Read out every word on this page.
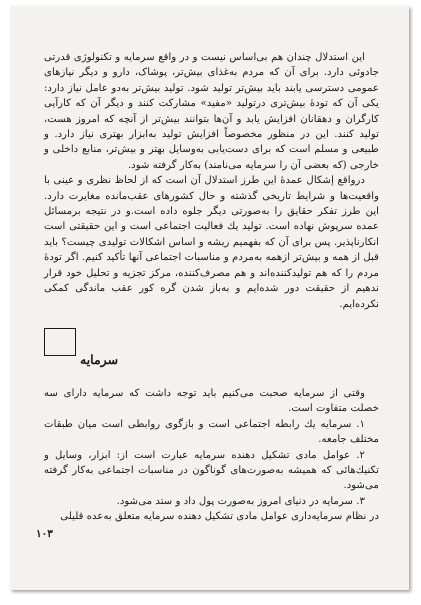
این استدلال چندان هم بی‌اساس نیست و در واقع سرمایه و تکنولوژی قدرتی جادوئی دارد. برای آن که مردم به‌غذای بیش‌تر، پوشاک، دارو و دیگر نیازهای عمومی دسترسی یابند باید بیش‌تر تولید شود. تولید بیش‌تر به‌دو عامل نیاز دارد: یکی آن که تودهٔ بیش‌تری درتولید «مفید» مشارکت کنند و دیگر آن که کارآیی کارگران و دهقانان افزایش یابد و آن‌ها بتوانند بیش‌تر از آنچه که امروز هست، تولید کنند. این در منظور مخصوصاً افزایش تولید به‌ابزار بهتری نیاز دارد. و طبیعی و مسلم است که برای دست‌یابی به‌وسایل بهتر و بیش‌تر، منابع داخلی و خارجی (که بعضی آن را سرمایه می‌نامند) به‌کار گرفته شود.

درواقع إشکال عمدهٔ این طرز استدلال آن است که از لحاظ نظری و عینی با واقعیت‌ها و شرایط تاریخی گذشته و حال کشورهای عقب‌مانده مغایرت دارد. این طرز تفکر حقایق را به‌صورتی دیگر جلوه داده است.و در نتیجه برمسائل عمده سرپوش نهاده است. تولید یك فعالیت اجتماعی است و این حقیقتی است انکارناپذیر. پس برای آن که بفهمیم ریشه و اساس اشکالات تولیدی چیست؟ باید قبل از همه و بیش‌تر ازهمه به‌مردم و مناسبات اجتماعی آنها تأکید کنیم. اگر تودهٔ مردم را که هم تولیدکننده‌اند و هم مصرف‌کننده، مرکز تجزیه و تحلیل خود قرار ندهیم از حقیقت دور شده‌ایم و به‌باز شدن گره کور عقب ماندگی کمکی نکرده‌ایم.

سرمایه

وقتی از سرمایه صحبت می‌کنیم باید توجه داشت که سرمایه دارای سه خصلت متفاوت است.

۱. سرمایه یك رابطه اجتماعی است و بازگوی روابطی است میان طبقات مختلف جامعه.

۲. عوامل مادی تشکیل دهنده سرمایه عبارت است از: ابزار، وسایل و تکنیك‌هائی که همیشه به‌صورت‌های گوناگون در مناسبات اجتماعی به‌کار گرفته می‌شود.

۳. سرمایه در دنیای امروز به‌صورت پول داد و ستد می‌شود.

در نظام سرمایه‌داری عوامل مادی تشکیل دهنده سرمایه متعلق به‌عده قلیلی

۱۰۳
